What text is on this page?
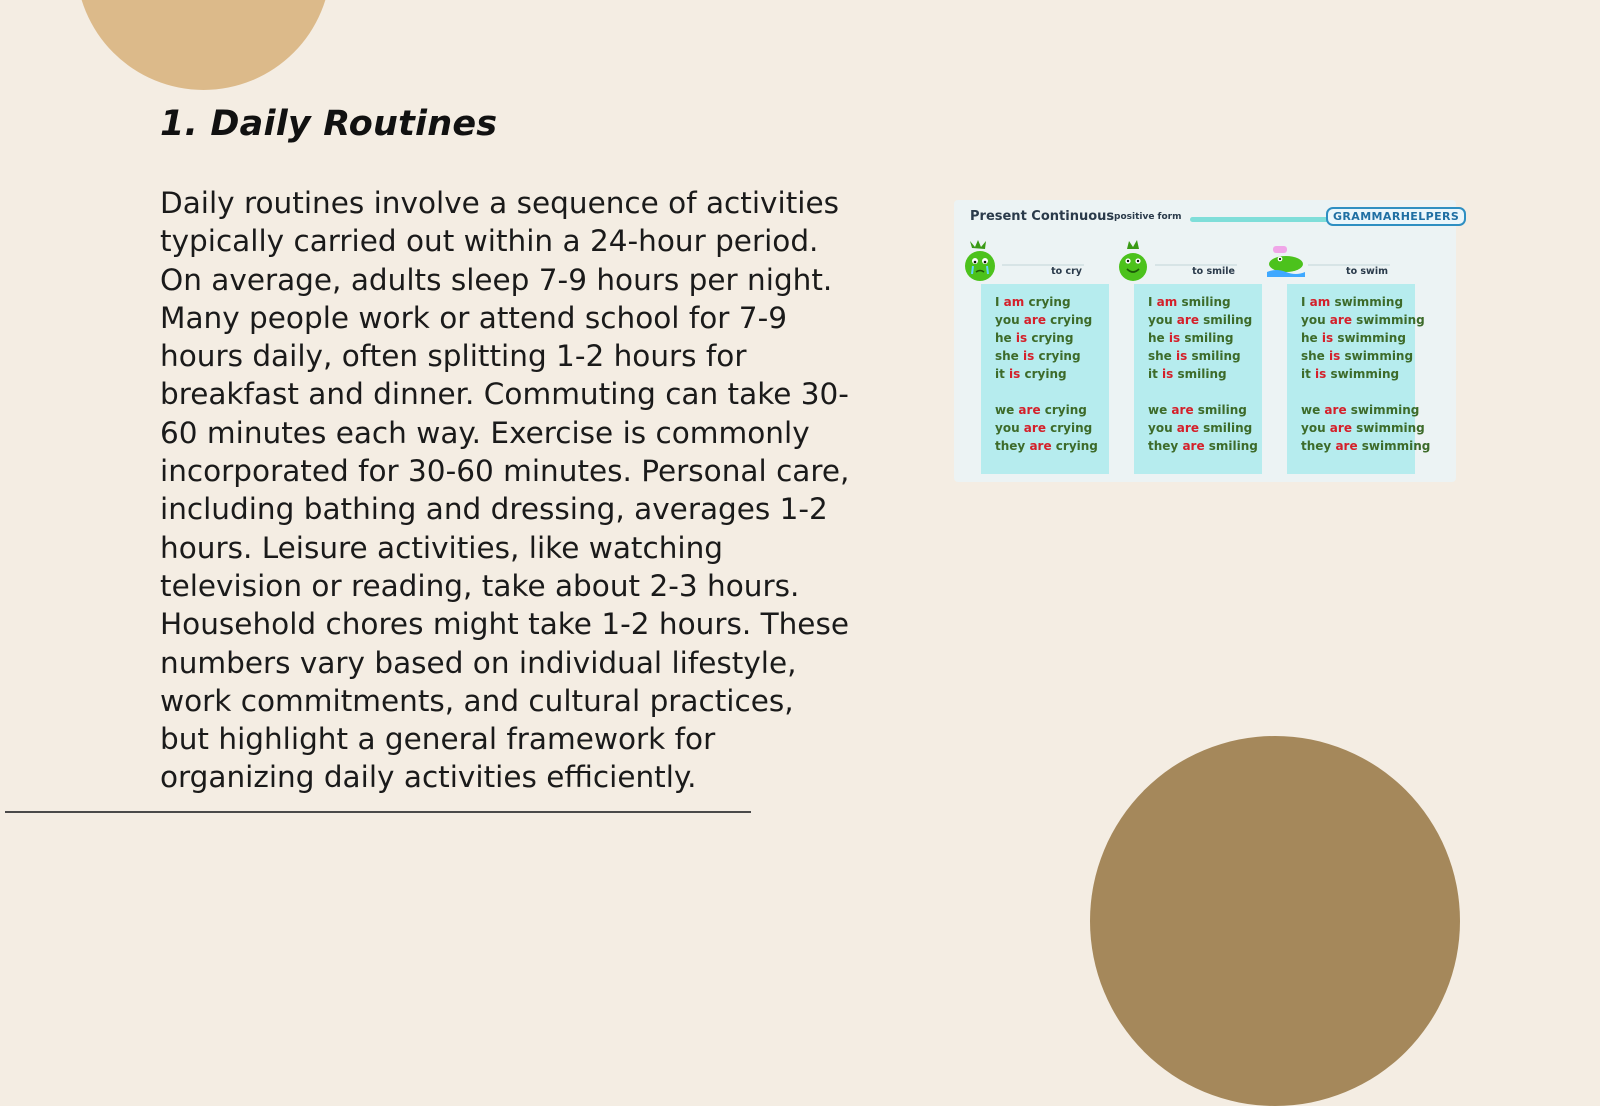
1. Daily Routines

Daily routines involve a sequence of activities typically carried out within a 24-hour period. On average, adults sleep 7-9 hours per night. Many people work or attend school for 7-9 hours daily, often splitting 1-2 hours for breakfast and dinner. Commuting can take 30-60 minutes each way. Exercise is commonly incorporated for 30-60 minutes. Personal care, including bathing and dressing, averages 1-2 hours. Leisure activities, like watching television or reading, take about 2-3 hours. Household chores might take 1-2 hours. These numbers vary based on individual lifestyle, work commitments, and cultural practices, but highlight a general framework for organizing daily activities efficiently.

Present Continuous positive form	GRAMMARHELPERS
to cry
I am crying
you are crying
he is crying
she is crying
it is crying
we are crying
you are crying
they are crying
to smile
I am smiling
you are smiling
he is smiling
she is smiling
it is smiling
we are smiling
you are smiling
they are smiling
to swim
I am swimming
you are swimming
he is swimming
she is swimming
it is swimming
we are swimming
you are swimming
they are swimming
